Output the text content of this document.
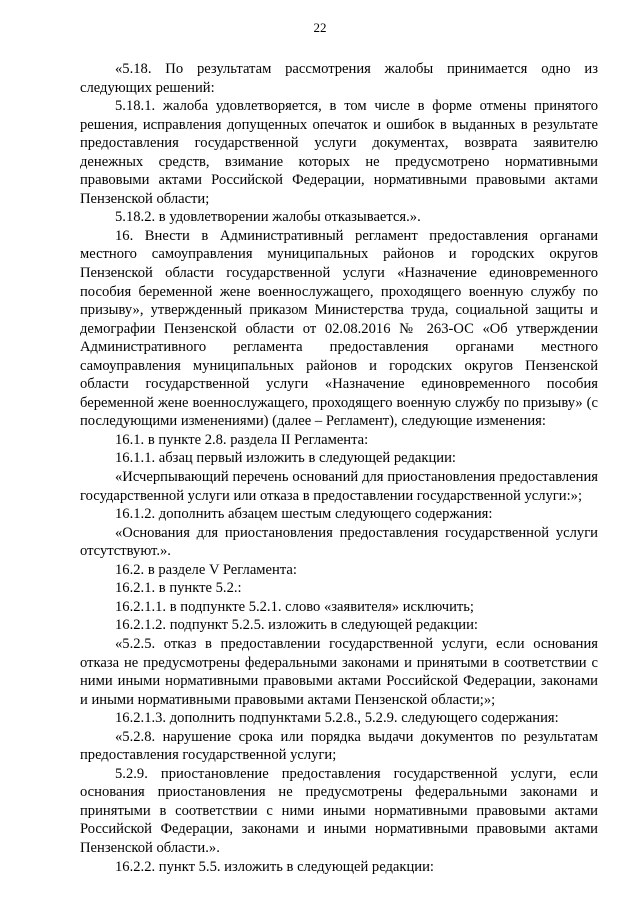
22

«5.18. По результатам рассмотрения жалобы принимается одно из следующих решений:

5.18.1. жалоба удовлетворяется, в том числе в форме отмены принятого решения, исправления допущенных опечаток и ошибок в выданных в результате предоставления государственной услуги документах, возврата заявителю денежных средств, взимание которых не предусмотрено нормативными правовыми актами Российской Федерации, нормативными правовыми актами Пензенской области;

5.18.2. в удовлетворении жалобы отказывается.».

16. Внести в Административный регламент предоставления органами местного самоуправления муниципальных районов и городских округов Пензенской области государственной услуги «Назначение единовременного пособия беременной жене военнослужащего, проходящего военную службу по призыву», утвержденный приказом Министерства труда, социальной защиты и демографии Пензенской области от 02.08.2016 № 263-ОС «Об утверждении Административного регламента предоставления органами местного самоуправления муниципальных районов и городских округов Пензенской области государственной услуги «Назначение единовременного пособия беременной жене военнослужащего, проходящего военную службу по призыву» (с последующими изменениями) (далее – Регламент), следующие изменения:

16.1. в пункте 2.8. раздела II Регламента:

16.1.1. абзац первый изложить в следующей редакции:

«Исчерпывающий перечень оснований для приостановления предоставления государственной услуги или отказа в предоставлении государственной услуги:»;

16.1.2. дополнить абзацем шестым следующего содержания:

«Основания для приостановления предоставления государственной услуги отсутствуют.».

16.2. в разделе V Регламента:

16.2.1. в пункте 5.2.:

16.2.1.1. в подпункте 5.2.1. слово «заявителя» исключить;

16.2.1.2. подпункт 5.2.5. изложить в следующей редакции:

«5.2.5. отказ в предоставлении государственной услуги, если основания отказа не предусмотрены федеральными законами и принятыми в соответствии с ними иными нормативными правовыми актами Российской Федерации, законами и иными нормативными правовыми актами Пензенской области;»;

16.2.1.3. дополнить подпунктами 5.2.8., 5.2.9. следующего содержания:

«5.2.8. нарушение срока или порядка выдачи документов по результатам предоставления государственной услуги;

5.2.9. приостановление предоставления государственной услуги, если основания приостановления не предусмотрены федеральными законами и принятыми в соответствии с ними иными нормативными правовыми актами Российской Федерации, законами и иными нормативными правовыми актами Пензенской области.».

16.2.2. пункт 5.5. изложить в следующей редакции:
